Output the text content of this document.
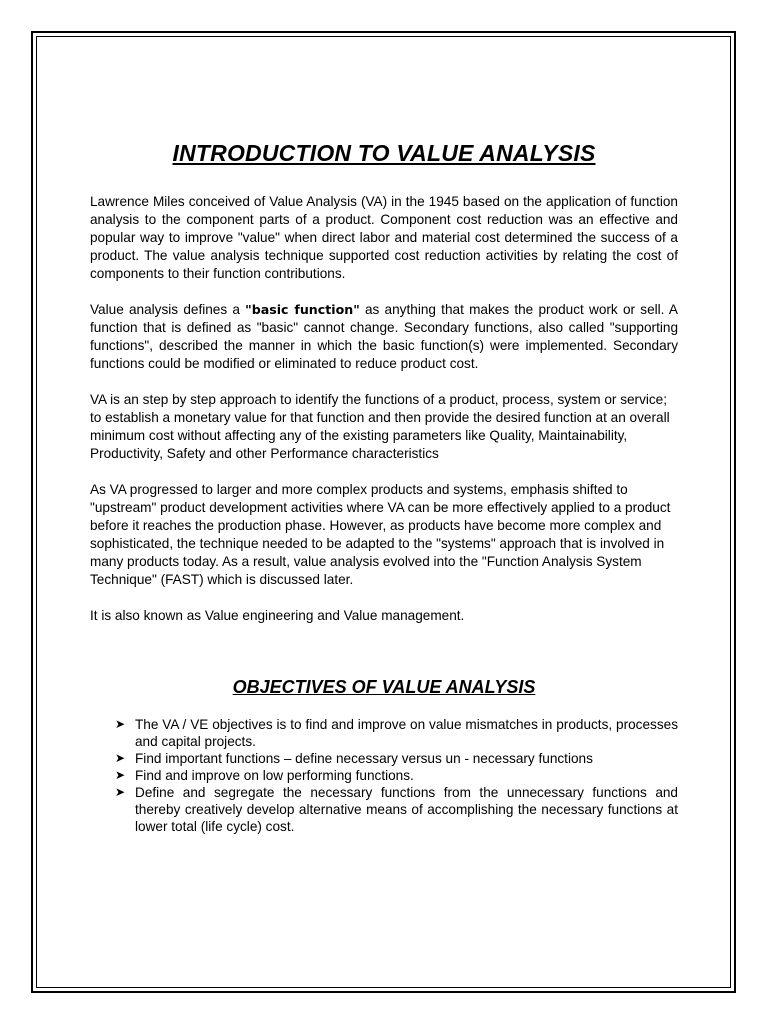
INTRODUCTION TO VALUE ANALYSIS

Lawrence Miles conceived of Value Analysis (VA) in the 1945 based on the application of function analysis to the component parts of a product. Component cost reduction was an effective and popular way to improve "value" when direct labor and material cost determined the success of a product. The value analysis technique supported cost reduction activities by relating the cost of components to their function contributions.

Value analysis defines a "basic function" as anything that makes the product work or sell. A function that is defined as "basic" cannot change. Secondary functions, also called "supporting functions", described the manner in which the basic function(s) were implemented. Secondary functions could be modified or eliminated to reduce product cost.

VA is an step by step approach to identify the functions of a product, process, system or service; to establish a monetary value for that function and then provide the desired function at an overall minimum cost without affecting any of the existing parameters like Quality, Maintainability, Productivity, Safety and other Performance characteristics

As VA progressed to larger and more complex products and systems, emphasis shifted to "upstream" product development activities where VA can be more effectively applied to a product before it reaches the production phase. However, as products have become more complex and sophisticated, the technique needed to be adapted to the "systems" approach that is involved in many products today. As a result, value analysis evolved into the "Function Analysis System Technique" (FAST) which is discussed later.

It is also known as Value engineering and Value management.

OBJECTIVES OF VALUE ANALYSIS
➤ The VA / VE objectives is to find and improve on value mismatches in products, processes and capital projects.
➤ Find important functions – define necessary versus un - necessary functions
➤ Find and improve on low performing functions.
➤ Define and segregate the necessary functions from the unnecessary functions and thereby creatively develop alternative means of accomplishing the necessary functions at lower total (life cycle) cost.
